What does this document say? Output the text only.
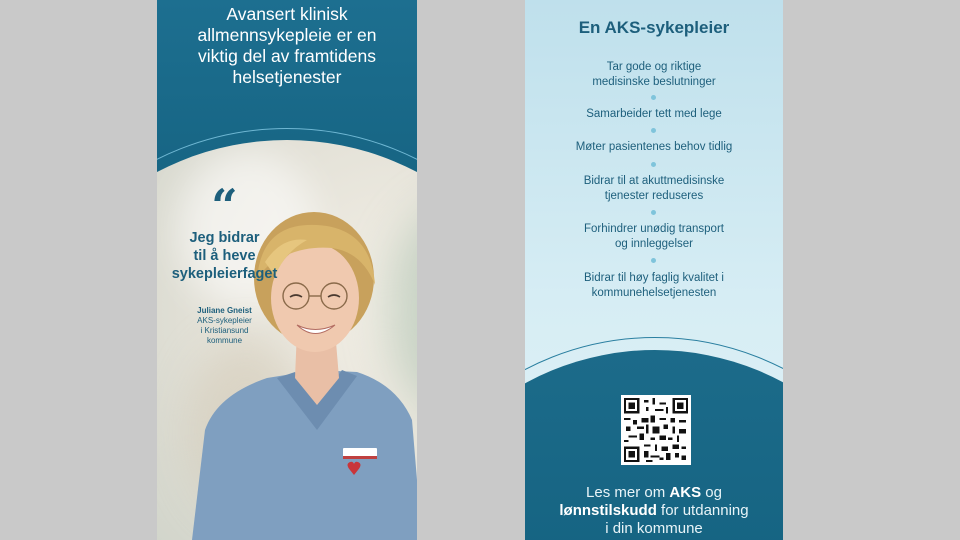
Avansert klinisk
allmennsykepleie er en
viktig del av framtidens
helsetjenester
“

Jeg bidrar
til å heve
sykepleierfaget

Juliane Gneist
AKS-sykepleier
i Kristiansund
kommune
En AKS-sykepleier
Tar gode og riktige
medisinske beslutninger
Samarbeider tett med lege
Møter pasientenes behov tidlig
Bidrar til at akuttmedisinske
tjenester reduseres
Forhindrer unødig transport
og innleggelser
Bidrar til høy faglig kvalitet i
kommunehelsetjenesten

Les mer om AKS og
lønnstilskudd for utdanning
i din kommune
